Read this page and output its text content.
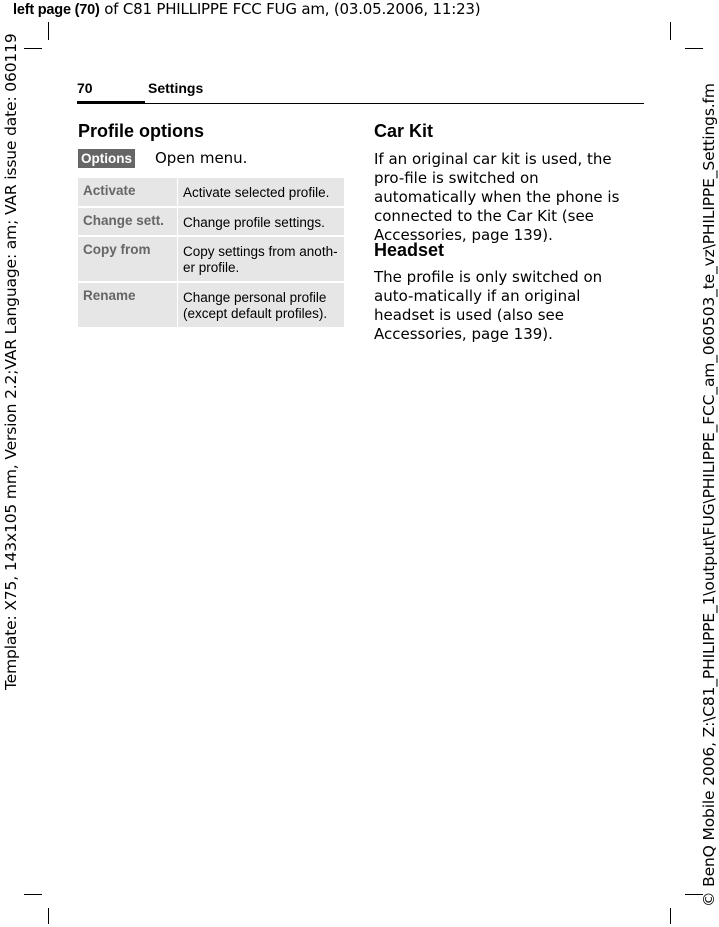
left page (70) of C81 PHILLIPPE FCC FUG am, (03.05.2006, 11:23)
Template: X75, 143x105 mm, Version 2.2;VAR Language: am; VAR issue date: 060119	© BenQ Mobile 2006, Z:\C81_PHILIPPE_1\output\FUG\PHILIPPE_FCC_am_060503_te_vz\PHILIPPE_Settings.fm
70	Settings
Profile options
Options Open menu.
Activate	Activate selected profile.
Change sett.	Change profile settings.
Copy from	Copy settings from anoth-er profile.
Rename	Change personal profile (except default profiles).
Car Kit

If an original car kit is used, the pro-file is switched on automatically when the phone is connected to the Car Kit (see Accessories, page 139).

Headset

The profile is only switched on auto-matically if an original headset is used (also see Accessories, page 139).
